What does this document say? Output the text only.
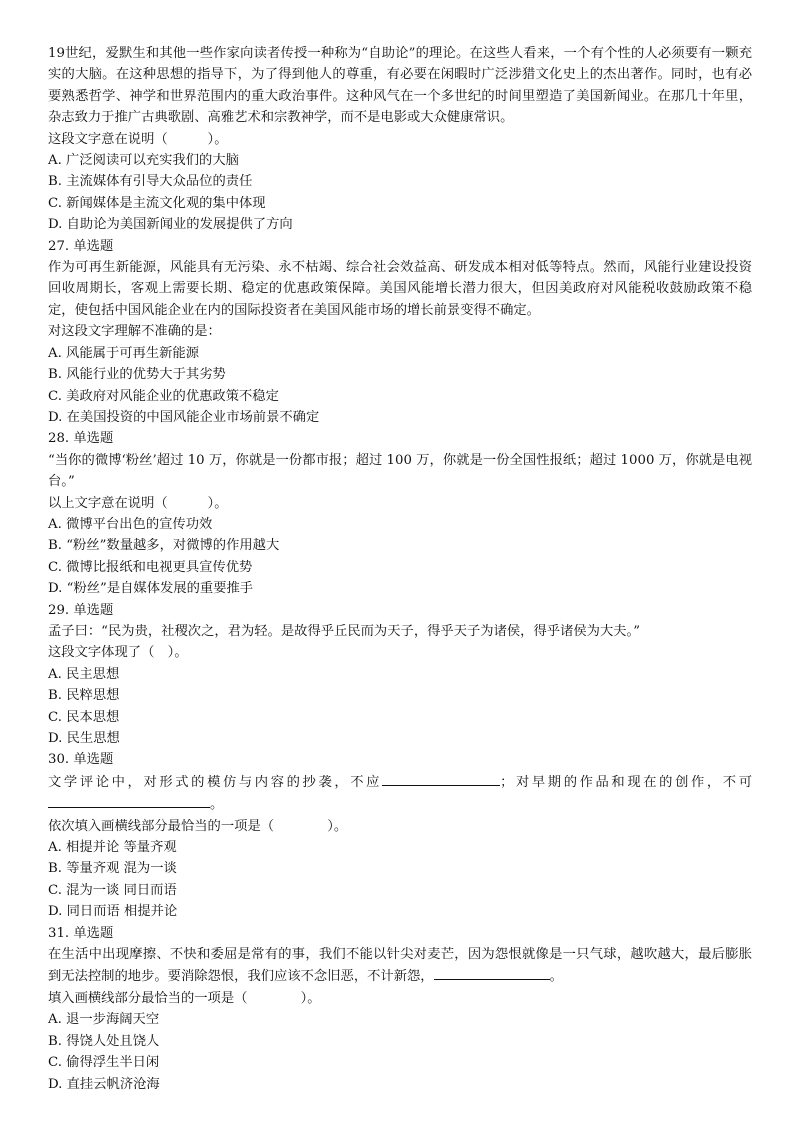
19世纪，爱默生和其他一些作家向读者传授一种称为“自助论”的理论。在这些人看来，一个有个性的人必须要有一颗充实的大脑。在这种思想的指导下，为了得到他人的尊重，有必要在闲暇时广泛涉猎文化史上的杰出著作。同时，也有必要熟悉哲学、神学和世界范围内的重大政治事件。这种风气在一个多世纪的时间里塑造了美国新闻业。在那几十年里，杂志致力于推广古典歌剧、高雅艺术和宗教神学，而不是电影或大众健康常识。

这段文字意在说明（　　　）。

A. 广泛阅读可以充实我们的大脑

B. 主流媒体有引导大众品位的责任

C. 新闻媒体是主流文化观的集中体现

D. 自助论为美国新闻业的发展提供了方向

27. 单选题

作为可再生新能源，风能具有无污染、永不枯竭、综合社会效益高、研发成本相对低等特点。然而，风能行业建设投资回收周期长，客观上需要长期、稳定的优惠政策保障。美国风能增长潜力很大，但因美政府对风能税收鼓励政策不稳定，使包括中国风能企业在内的国际投资者在美国风能市场的增长前景变得不确定。

对这段文字理解不准确的是：

A. 风能属于可再生新能源

B. 风能行业的优势大于其劣势

C. 美政府对风能企业的优惠政策不稳定

D. 在美国投资的中国风能企业市场前景不确定

28. 单选题

“当你的微博‘粉丝’超过 10 万，你就是一份都市报；超过 100 万，你就是一份全国性报纸；超过 1000 万，你就是电视台。”

以上文字意在说明（　　　）。

A. 微博平台出色的宣传功效

B. “粉丝”数量越多，对微博的作用越大

C. 微博比报纸和电视更具宣传优势

D. “粉丝”是自媒体发展的重要推手

29. 单选题

孟子曰：“民为贵，社稷次之，君为轻。是故得乎丘民而为天子，得乎天子为诸侯，得乎诸侯为大夫。”

这段文字体现了（　）。

A. 民主思想

B. 民粹思想

C. 民本思想

D. 民生思想

30. 单选题

文学评论中，对形式的模仿与内容的抄袭，不应	；对早期的作品和现在的创作，不可。

依次填入画横线部分最恰当的一项是（　　　　）。

A. 相提并论 等量齐观

B. 等量齐观 混为一谈

C. 混为一谈 同日而语

D. 同日而语 相提并论

31. 单选题

在生活中出现摩擦、不快和委屈是常有的事，我们不能以针尖对麦芒，因为怨恨就像是一只气球，越吹越大，最后膨胀到无法控制的地步。要消除怨恨，我们应该不念旧恶，不计新怨，	。

填入画横线部分最恰当的一项是（　　　　）。

A. 退一步海阔天空

B. 得饶人处且饶人

C. 偷得浮生半日闲

D. 直挂云帆济沧海
